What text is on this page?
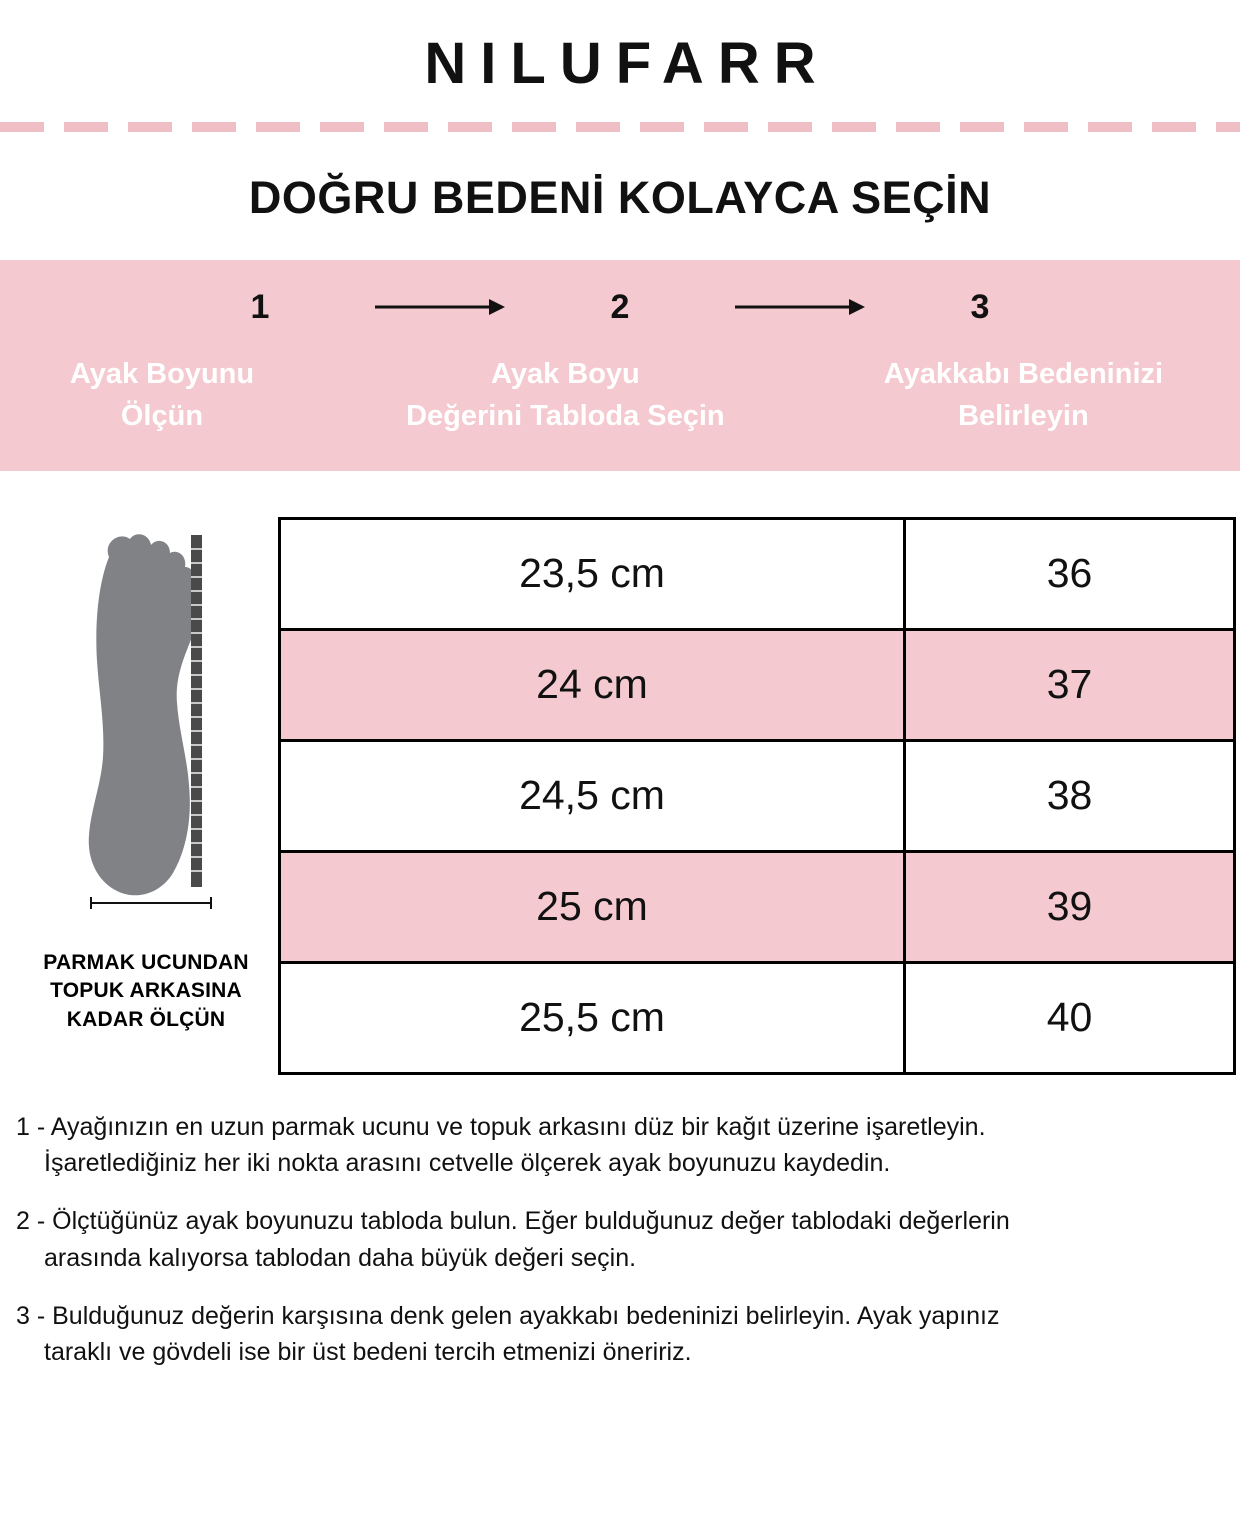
NILUFARR
DOĞRU BEDENİ KOLAYCA SEÇİN
1	2	3
Ayak Boyunu
Ölçün
Ayak Boyu
Değerini Tabloda Seçin
Ayakkabı Bedeninizi
Belirleyin
PARMAK UCUNDAN
TOPUK ARKASINA
KADAR ÖLÇÜN
23,5 cm	36
24 cm	37
24,5 cm	38
25 cm	39
25,5 cm	40
1 - Ayağınızın en uzun parmak ucunu ve topuk arkasını düz bir kağıt üzerine işaretleyin.
İşaretlediğiniz her iki nokta arasını cetvelle ölçerek ayak boyunuzu kaydedin.
2 - Ölçtüğünüz ayak boyunuzu tabloda bulun. Eğer bulduğunuz değer tablodaki değerlerin
arasında kalıyorsa tablodan daha büyük değeri seçin.
3 - Bulduğunuz değerin karşısına denk gelen ayakkabı bedeninizi belirleyin. Ayak yapınız
taraklı ve gövdeli ise bir üst bedeni tercih etmenizi öneririz.
